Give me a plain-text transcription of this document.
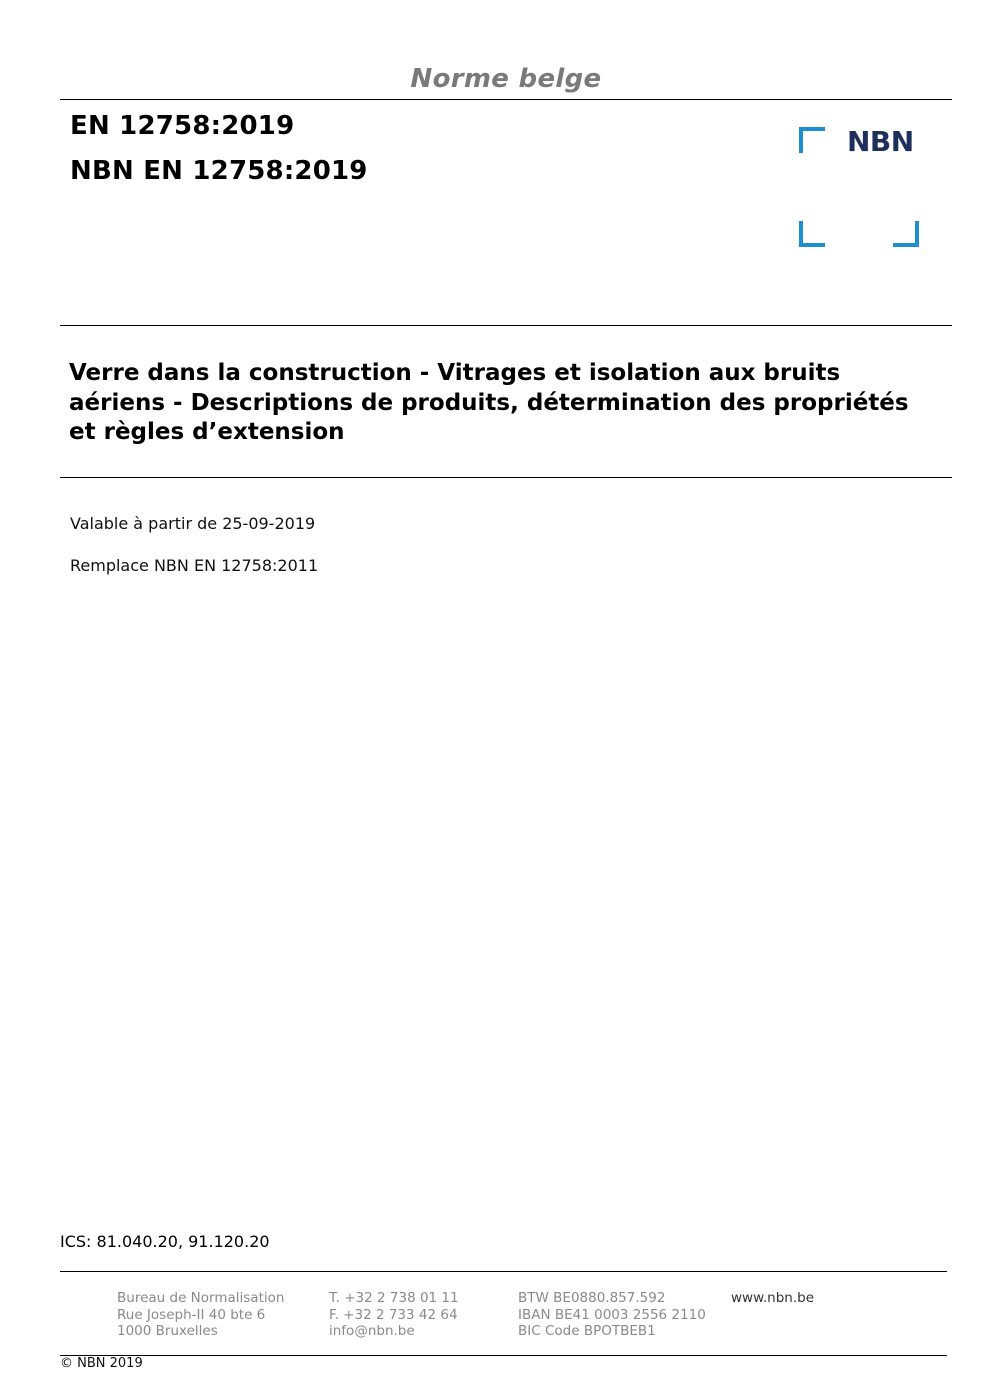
Norme belge
EN 12758:2019
NBN EN 12758:2019
NBN
Verre dans la construction - Vitrages et isolation aux bruits aériens - Descriptions de produits, détermination des propriétés et règles d’extension
Valable à partir de 25-09-2019
Remplace NBN EN 12758:2011
ICS: 81.040.20, 91.120.20
Bureau de Normalisation
Rue Joseph-II 40 bte 6
1000 Bruxelles
T. +32 2 738 01 11
F. +32 2 733 42 64
info@nbn.be
BTW BE0880.857.592
IBAN BE41 0003 2556 2110
BIC Code BPOTBEB1
www.nbn.be
© NBN 2019
